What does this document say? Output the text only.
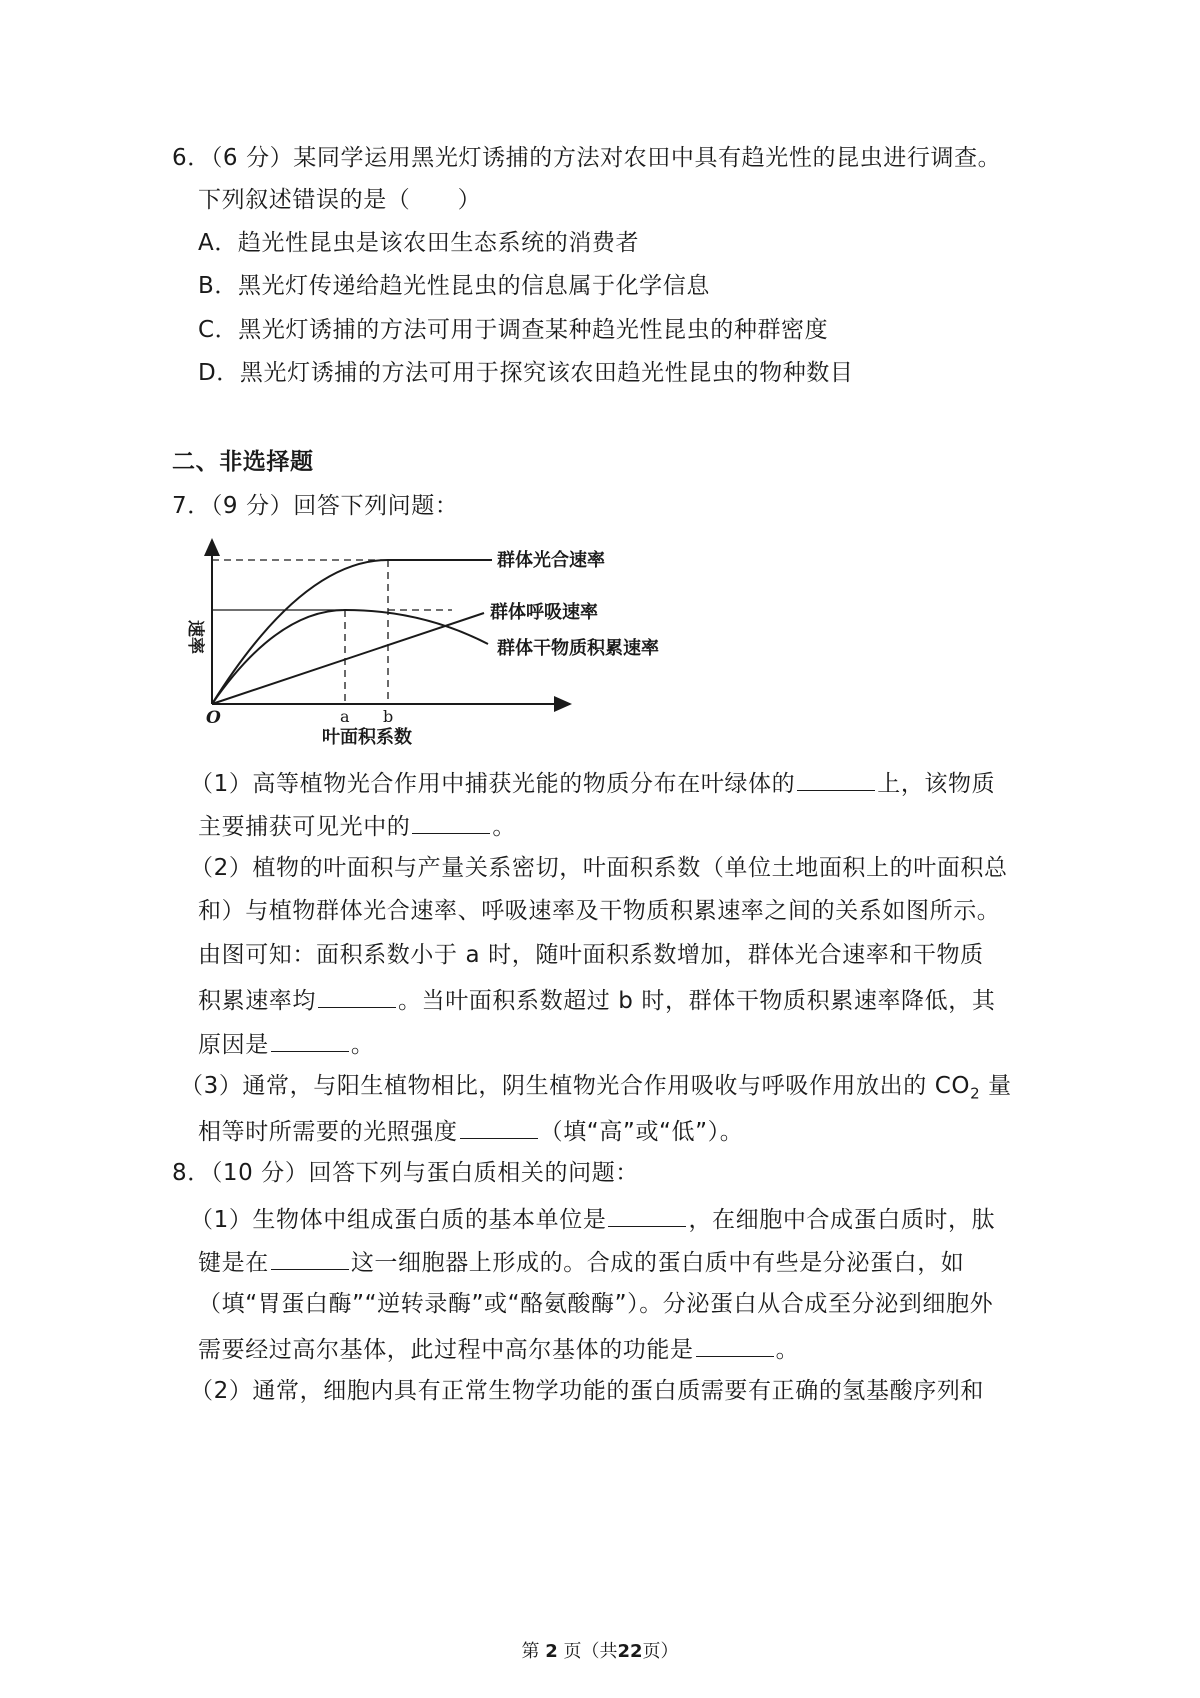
6．（6 分）某同学运用黑光灯诱捕的方法对农田中具有趋光性的昆虫进行调查。
下列叙述错误的是（　　）
A．趋光性昆虫是该农田生态系统的消费者
B．黑光灯传递给趋光性昆虫的信息属于化学信息
C．黑光灯诱捕的方法可用于调查某种趋光性昆虫的种群密度
D．黑光灯诱捕的方法可用于探究该农田趋光性昆虫的物种数目
二、非选择题
7．（9 分）回答下列问题：
速率
O	a b
叶面积系数
群体光合速率
群体呼吸速率
群体干物质积累速率
（1）高等植物光合作用中捕获光能的物质分布在叶绿体的	上，该物质
主要捕获可见光中的	。
（2）植物的叶面积与产量关系密切，叶面积系数（单位土地面积上的叶面积总
和）与植物群体光合速率、呼吸速率及干物质积累速率之间的关系如图所示。
由图可知：面积系数小于 a 时，随叶面积系数增加，群体光合速率和干物质
积累速率均	。当叶面积系数超过 b 时，群体干物质积累速率降低，其
原因是	。
（3）通常，与阳生植物相比，阴生植物光合作用吸收与呼吸作用放出的 $CO_2$ 量
相等时所需要的光照强度	（填“高”或“低”）。
8．（10 分）回答下列与蛋白质相关的问题：
（1）生物体中组成蛋白质的基本单位是	，在细胞中合成蛋白质时，肽
键是在	这一细胞器上形成的。合成的蛋白质中有些是分泌蛋白，如
（填“胃蛋白酶”“逆转录酶”或“酪氨酸酶”）。分泌蛋白从合成至分泌到细胞外
需要经过高尔基体，此过程中高尔基体的功能是	。
（2）通常，细胞内具有正常生物学功能的蛋白质需要有正确的氢基酸序列和
第 2 页（共22页）
